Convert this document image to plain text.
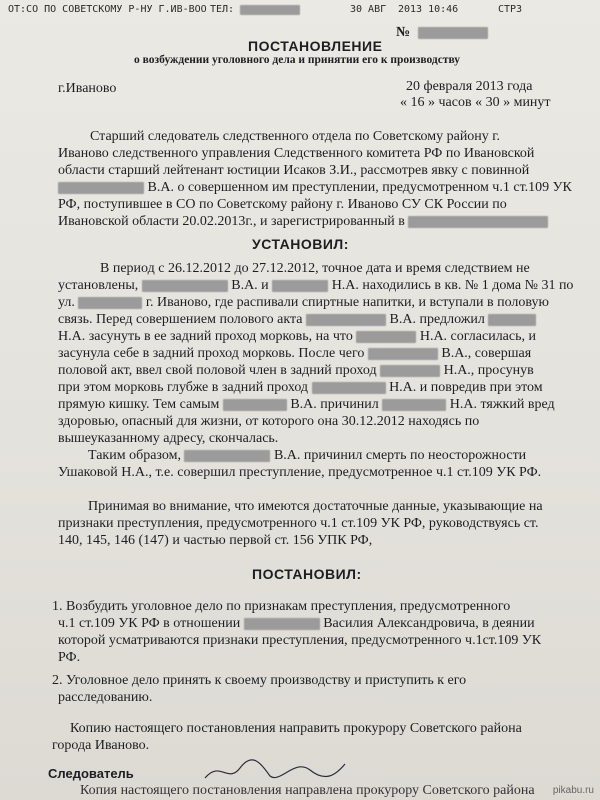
ОТ:СО ПО СОВЕТСКОМУ Р-НУ Г.ИВ-ВОО ТЕЛ:	30 АВГ 2013 10:46	СТР3
№
ПОСТАНОВЛЕНИЕ
о возбуждении уголовного дела и принятии его к производству
г.Иваново	20 февраля 2013 года
« 16 » часов « 30 » минут
Старший следователь следственного отдела по Советскому району г.
Иваново следственного управления Следственного комитета РФ по Ивановской
области старший лейтенант юстиции Исаков З.И., рассмотрев явку с повинной
В.А. о совершенном им преступлении, предусмотренном ч.1 ст.109 УК
РФ, поступившее в СО по Советскому району г. Иваново СУ СК России по
Ивановской области 20.02.2013г., и зарегистрированный в
УСТАНОВИЛ:
В период с 26.12.2012 до 27.12.2012, точное дата и время следствием не
установлены,	В.А. и	Н.А. находились в кв. № 1 дома № 31 по
ул.	г. Иваново, где распивали спиртные напитки, и вступали в половую
связь. Перед совершением полового акта	В.А. предложил
Н.А. засунуть в ее задний проход морковь, на что	Н.А. согласилась, и
засунула себе в задний проход морковь. После чего	В.А., совершая
половой акт, ввел свой половой член в задний проход	Н.А., просунув
при этом морковь глубже в задний проход	Н.А. и повредив при этом
прямую кишку. Тем самым	В.А. причинил	Н.А. тяжкий вред
здоровью, опасный для жизни, от которого она 30.12.2012 находясь по
вышеуказанному адресу, скончалась.
Таким образом,	В.А. причинил смерть по неосторожности
Ушаковой Н.А., т.е. совершил преступление, предусмотренное ч.1 ст.109 УК РФ.
Принимая во внимание, что имеются достаточные данные, указывающие на
признаки преступления, предусмотренного ч.1 ст.109 УК РФ, руководствуясь ст.
140, 145, 146 (147) и частью первой ст. 156 УПК РФ,
ПОСТАНОВИЛ:
1. Возбудить уголовное дело по признакам преступления, предусмотренного
ч.1 ст.109 УК РФ в отношении	Василия Александровича, в деянии
которой усматриваются признаки преступления, предусмотренного ч.1ст.109 УК
РФ.
2. Уголовное дело принять к своему производству и приступить к его
расследованию.
Копию настоящего постановления направить прокурору Советского района
города Иваново.
Следователь
Копия настоящего постановления направлена прокурору Советского района pikabu.ru
